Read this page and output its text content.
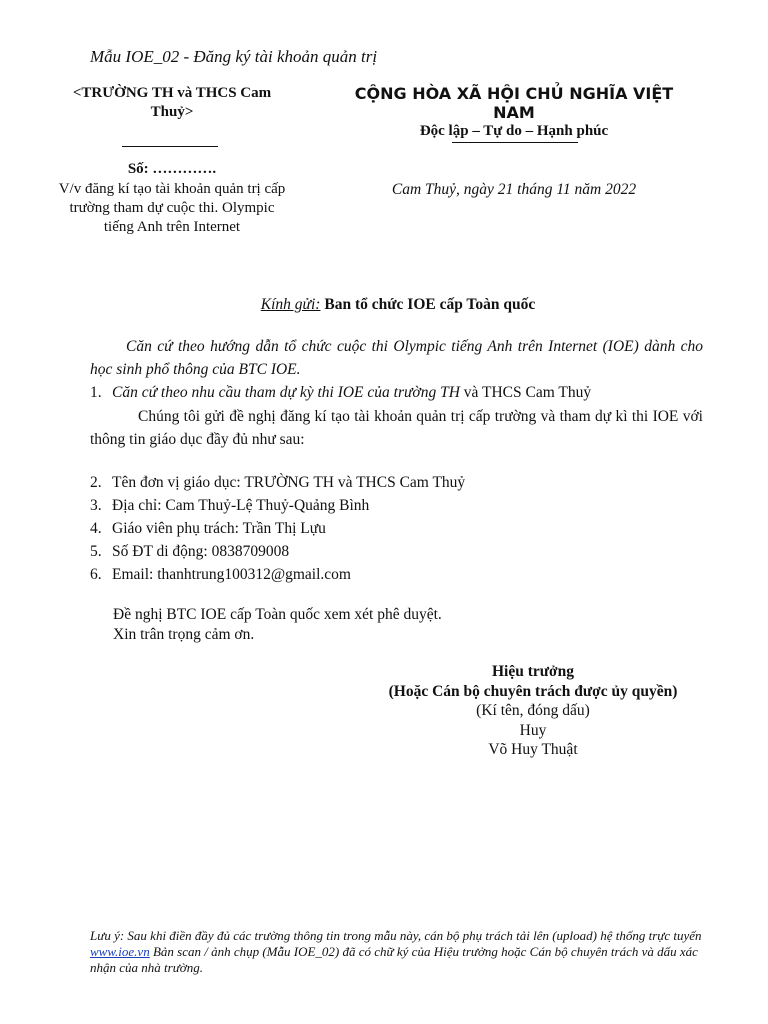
Mẫu IOE_02 - Đăng ký tài khoản quản trị
<TRƯỜNG TH và THCS Cam
Thuỷ>
Số: ………….
V/v đăng kí tạo tài khoản quản trị cấp
trường tham dự cuộc thi. Olympic
tiếng Anh trên Internet
CỘNG HÒA XÃ HỘI CHỦ NGHĨA VIỆT
NAM
Độc lập – Tự do – Hạnh phúc
Cam Thuỷ, ngày 21 tháng 11 năm 2022
Kính gửi: Ban tổ chức IOE cấp Toàn quốc
Căn cứ theo hướng dẫn tổ chức cuộc thi Olympic tiếng Anh trên Internet (IOE) dành cho học sinh phổ thông của BTC IOE.
1. Căn cứ theo nhu cầu tham dự kỳ thi IOE của trường TH và THCS Cam Thuỷ
Chúng tôi gửi đề nghị đăng kí tạo tài khoản quản trị cấp trường và tham dự kì thi IOE với thông tin giáo dục đầy đủ như sau:
2. Tên đơn vị giáo dục: TRƯỜNG TH và THCS Cam Thuỷ
3. Địa chỉ: Cam Thuỷ-Lệ Thuỷ-Quảng Bình
4. Giáo viên phụ trách: Trần Thị Lựu
5. Số ĐT di động: 0838709008
6. Email: thanhtrung100312@gmail.com
Đề nghị BTC IOE cấp Toàn quốc xem xét phê duyệt.
Xin trân trọng cảm ơn.
Hiệu trưởng
(Hoặc Cán bộ chuyên trách được ủy quyền)
(Kí tên, đóng dấu)
Huy
Võ Huy Thuật
Lưu ý: Sau khi điền đầy đủ các trường thông tin trong mẫu này, cán bộ phụ trách tải lên (upload) hệ thống trực tuyến www.ioe.vn Bản scan / ảnh chụp (Mẫu IOE_02) đã có chữ ký của Hiệu trưởng hoặc Cán bộ chuyên trách và dấu xác nhận của nhà trường.
